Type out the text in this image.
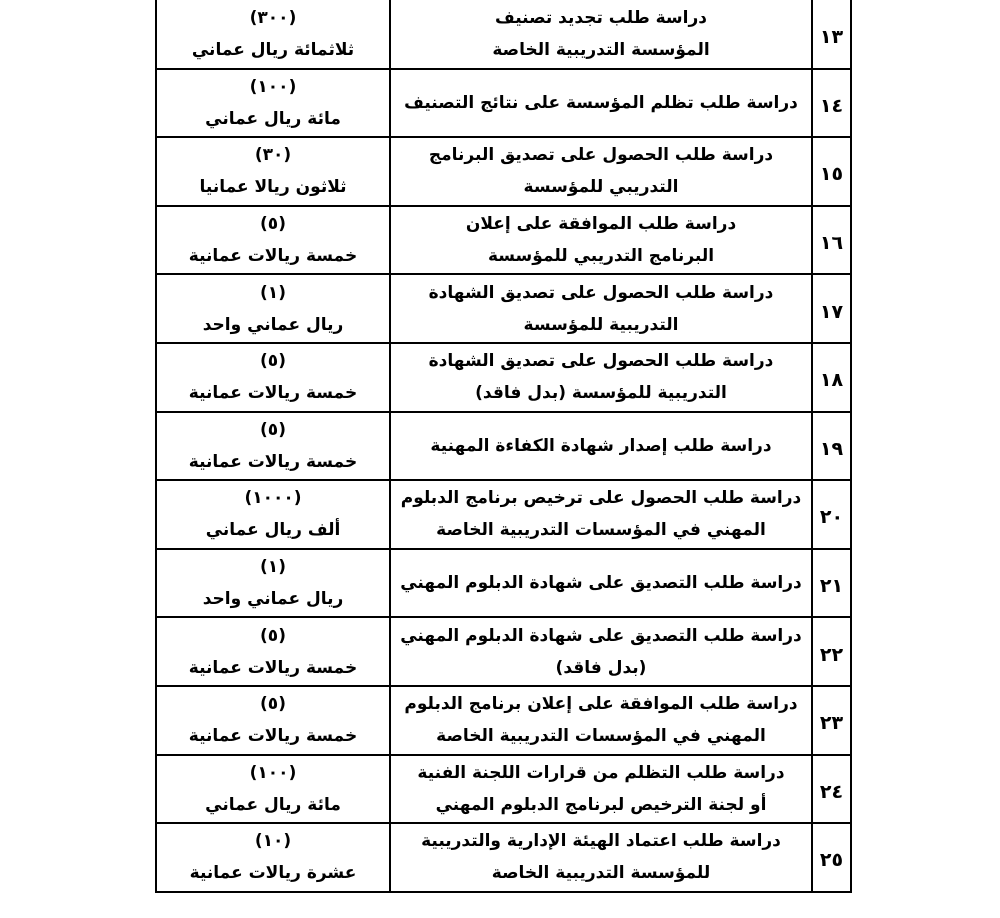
١٣	دراسة طلب تجديد تصنيف
المؤسسة التدريبية الخاصة	(٣٠٠)
ثلاثمائة ريال عماني

١٤	دراسة طلب تظلم المؤسسة على نتائج التصنيف	(١٠٠)
مائة ريال عماني

١٥	دراسة طلب الحصول على تصديق البرنامج
التدريبي للمؤسسة	(٣٠)
ثلاثون ريالا عمانيا

١٦	دراسة طلب الموافقة على إعلان
البرنامج التدريبي للمؤسسة	(٥)
خمسة ريالات عمانية

١٧	دراسة طلب الحصول على تصديق الشهادة
التدريبية للمؤسسة	(١)
ريال عماني واحد

١٨	دراسة طلب الحصول على تصديق الشهادة
التدريبية للمؤسسة (بدل فاقد)	(٥)
خمسة ريالات عمانية

١٩	دراسة طلب إصدار شهادة الكفاءة المهنية	(٥)
خمسة ريالات عمانية

٢٠	دراسة طلب الحصول على ترخيص برنامج الدبلوم
المهني في المؤسسات التدريبية الخاصة	(١٠٠٠)
ألف ريال عماني

٢١	دراسة طلب التصديق على شهادة الدبلوم المهني	(١)
ريال عماني واحد

٢٢	دراسة طلب التصديق على شهادة الدبلوم المهني
(بدل فاقد)	(٥)
خمسة ريالات عمانية

٢٣	دراسة طلب الموافقة على إعلان برنامج الدبلوم
المهني في المؤسسات التدريبية الخاصة	(٥)
خمسة ريالات عمانية

٢٤	دراسة طلب التظلم من قرارات اللجنة الفنية
أو لجنة الترخيص لبرنامج الدبلوم المهني	(١٠٠)
مائة ريال عماني

٢٥	دراسة طلب اعتماد الهيئة الإدارية والتدريبية
للمؤسسة التدريبية الخاصة	(١٠)
عشرة ريالات عمانية
